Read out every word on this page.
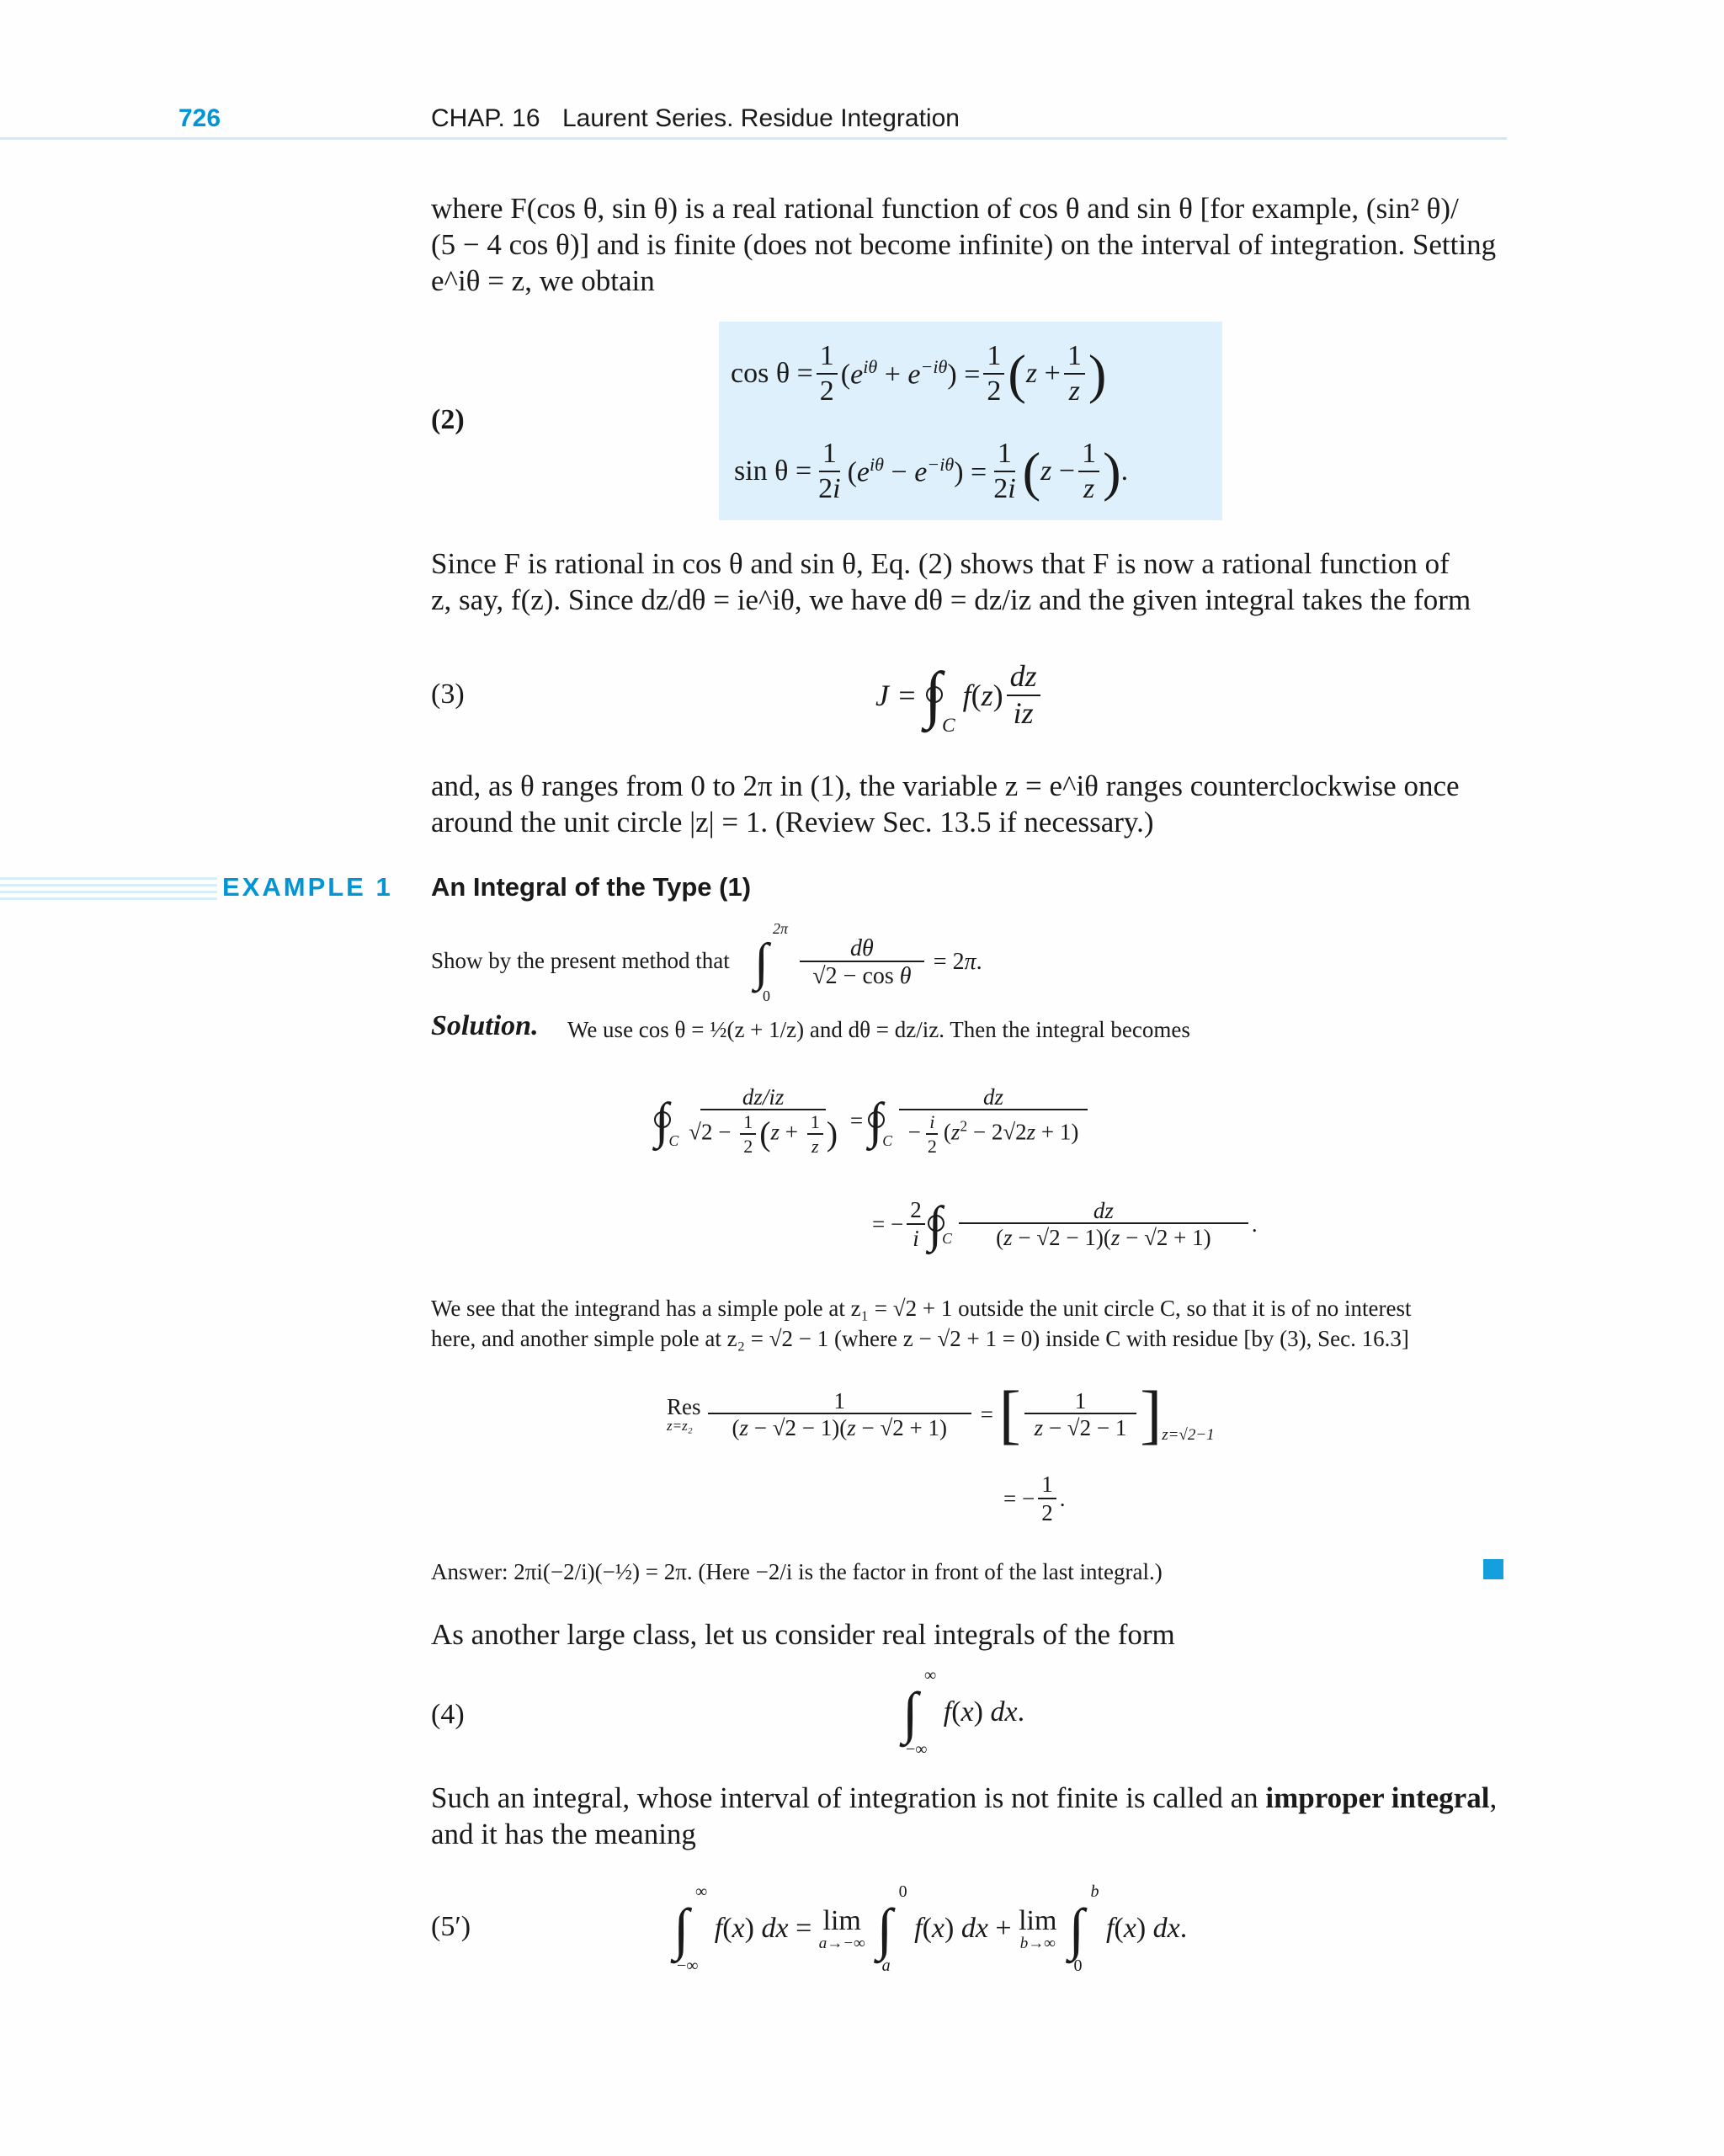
726	CHAP. 16 Laurent Series. Residue Integration
where F(cos θ, sin θ) is a real rational function of cos θ and sin θ [for example, (sin² θ)/
(5 − 4 cos θ)] and is finite (does not become infinite) on the interval of integration. Setting
e^iθ = z, we obtain
(2)
$\cos \theta = \frac{1}{2} (e^{i\theta} + e^{-i\theta}) = \frac{1}{2}$ ( $z + \frac{1}{z}$ )
$\sin \theta = \frac{1}{2i} (e^{i\theta} - e^{-i\theta}) = \frac{1}{2i}$ ( $z - \frac{1}{z}$ ) .
Since F is rational in cos θ and sin θ, Eq. (2) shows that F is now a rational function of
z, say, f(z). Since dz/dθ = ie^iθ, we have dθ = dz/iz and the given integral takes the form
(3)	J =
$\int_C$

f ( z ) $\frac{dz}{iz}$
and, as θ ranges from 0 to 2π in (1), the variable z = e^iθ ranges counterclockwise once
around the unit circle |z| = 1. (Review Sec. 13.5 if necessary.)
EXAMPLE 1 An Integral of the Type (1)
Show by the present method that
2π
∫
0
$\frac{d\theta}{\text{√2 − cos θ}} = 2\pi$.
Solution. We use cos θ = ½(z + 1/z) and dθ = dz/iz. Then the integral becomes
$\int_C \frac{dz/iz}{√2 - \frac{1}{2} (z + \frac{1}{z} )} = \int_C \frac{dz}{- \frac{i}{2} (z^2 - 2√2z + 1)}$
= − $\frac{2}{i} \int_C \frac{dz}{(z - √2 - 1)(z - √2 + 1)}$ .
We see that the integrand has a simple pole at z₁ = √2 + 1 outside the unit circle C, so that it is of no interest
here, and another simple pole at z₂ = √2 − 1 (where z − √2 + 1 = 0) inside C with residue [by (3), Sec. 16.3]
Res
$z=z_2 \frac{1}{(z - √2 - 1)(z - √2 + 1)}$ = [ $\frac{1}{z - √2 - 1} ]_{z=√2-1}$
= − $\frac{1}{2}$ .
Answer: 2πi(−2/i)(−½) = 2π. (Here −2/i is the factor in front of the last integral.)
As another large class, let us consider real integrals of the form
(4)
∞
∫
−∞
f(x) dx.
Such an integral, whose interval of integration is not finite is called an improper integral,
and it has the meaning
(5′)
∞
∫
−∞
f(x) dx = lim
a→−∞
0
∫
a
f(x) dx + lim
b→∞
b
∫
0
f(x) dx.
